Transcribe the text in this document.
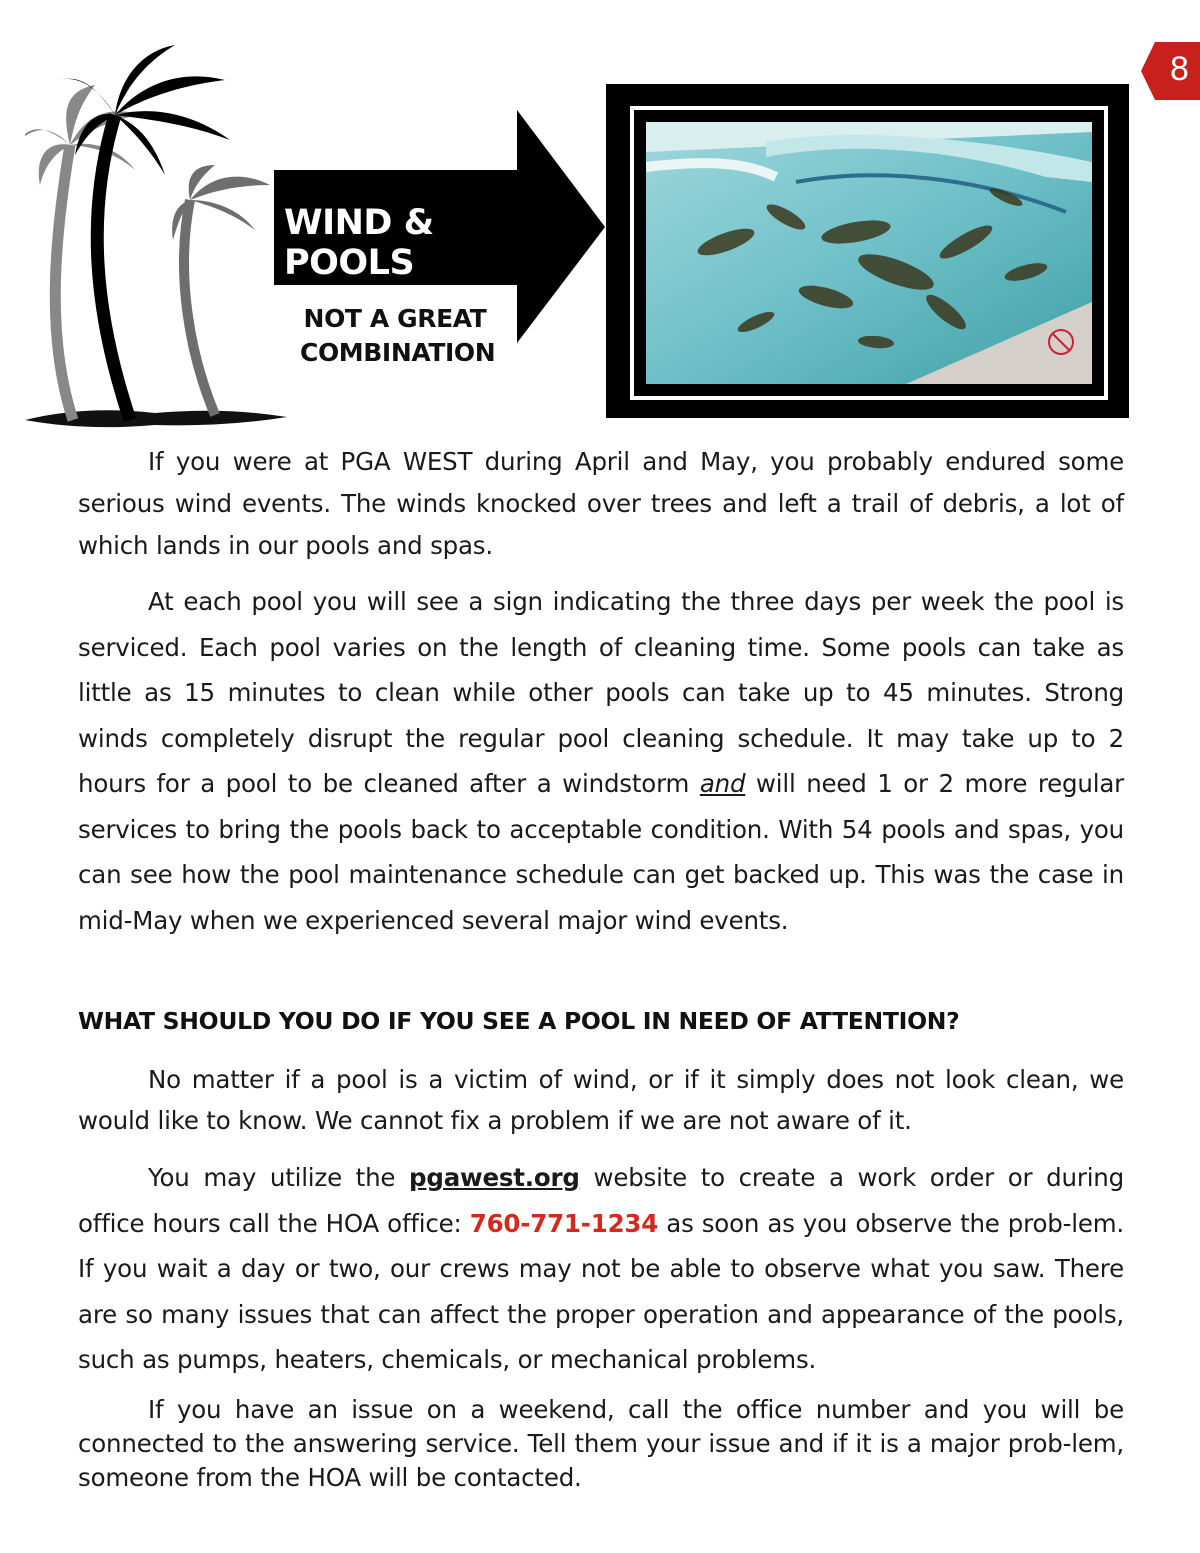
8
WIND & POOLS
NOT A GREAT
COMBINATION

If you were at PGA WEST during April and May, you probably endured some serious wind events. The winds knocked over trees and left a trail of debris, a lot of which lands in our pools and spas.

At each pool you will see a sign indicating the three days per week the pool is serviced. Each pool varies on the length of cleaning time. Some pools can take as little as 15 minutes to clean while other pools can take up to 45 minutes. Strong winds completely disrupt the regular pool cleaning schedule. It may take up to 2 hours for a pool to be cleaned after a windstorm and will need 1 or 2 more regular services to bring the pools back to acceptable condition. With 54 pools and spas, you can see how the pool maintenance schedule can get backed up. This was the case in mid-May when we experienced several major wind events.

WHAT SHOULD YOU DO IF YOU SEE A POOL IN NEED OF ATTENTION?

No matter if a pool is a victim of wind, or if it simply does not look clean, we would like to know. We cannot fix a problem if we are not aware of it.

You may utilize the pgawest.org website to create a work order or during office hours call the HOA office: 760-771-1234 as soon as you observe the prob-lem. If you wait a day or two, our crews may not be able to observe what you saw. There are so many issues that can affect the proper operation and appearance of the pools, such as pumps, heaters, chemicals, or mechanical problems.

If you have an issue on a weekend, call the office number and you will be connected to the answering service. Tell them your issue and if it is a major prob-lem, someone from the HOA will be contacted.
